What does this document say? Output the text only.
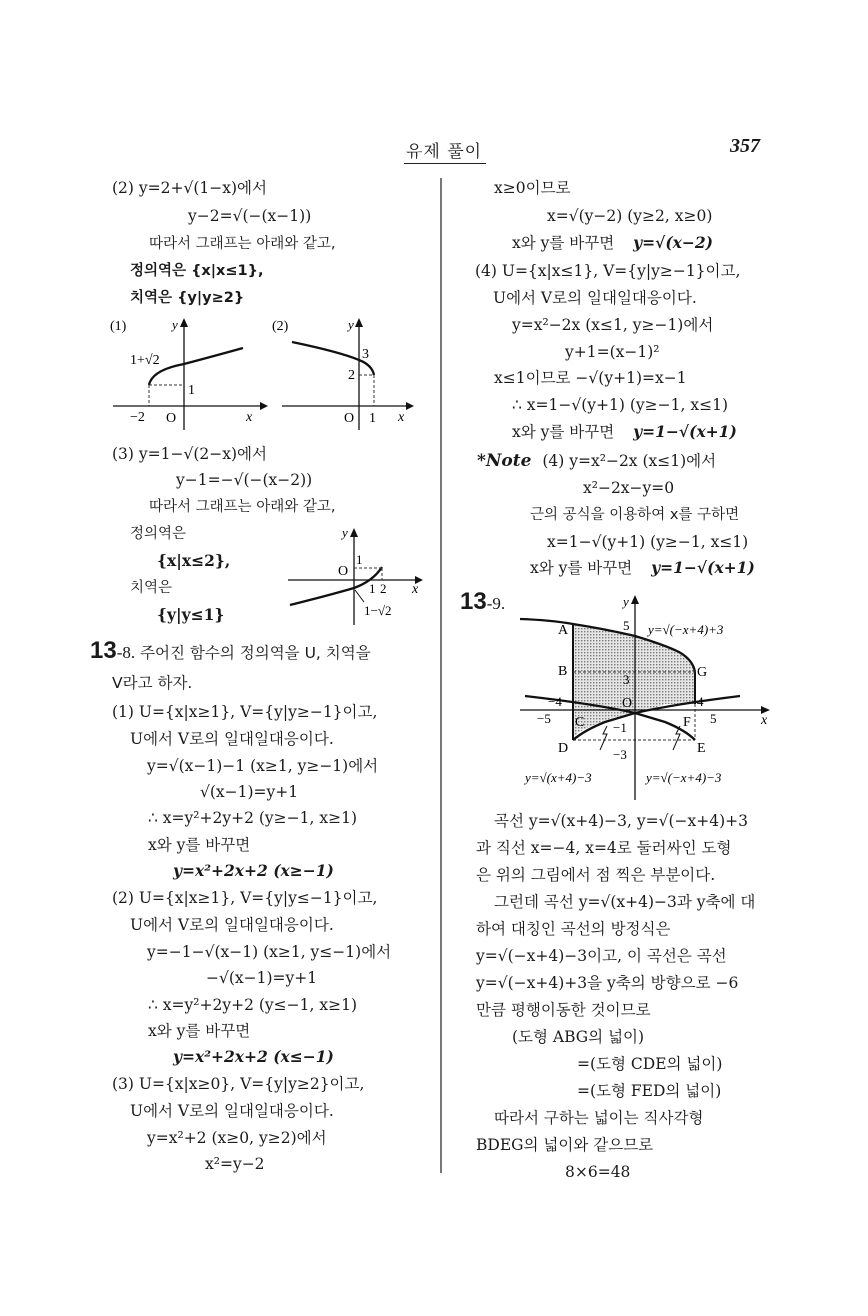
유제 풀이	357
(2) y=2+√(1−x)에서
y−2=√(−(x−1))
따라서 그래프는 아래와 같고,
정의역은 {x|x≤1},
치역은 {y|y≥2}
(1)	y
x
O
−2
1
1+√2
(2)	y
x
O 1
2
3
(3) y=1−√(2−x)에서
y−1=−√(−(x−2))
따라서 그래프는 아래와 같고,
정의역은
{x|x≤2},
치역은
{y|y≤1}
y
x
O
1
1 2
1−√2
13-8. 주어진 함수의 정의역을 U, 치역을
V라고 하자.
(1) U={x|x≥1}, V={y|y≥−1}이고,
U에서 V로의 일대일대응이다.
y=√(x−1)−1 (x≥1, y≥−1)에서
√(x−1)=y+1
∴ x=y²+2y+2 (y≥−1, x≥1)
x와 y를 바꾸면
y=x²+2x+2 (x≥−1)
(2) U={x|x≥1}, V={y|y≤−1}이고,
U에서 V로의 일대일대응이다.
y=−1−√(x−1) (x≥1, y≤−1)에서
−√(x−1)=y+1
∴ x=y²+2y+2 (y≤−1, x≥1)
x와 y를 바꾸면
y=x²+2x+2 (x≤−1)
(3) U={x|x≥0}, V={y|y≥2}이고,
U에서 V로의 일대일대응이다.
y=x²+2 (x≥0, y≥2)에서
x²=y−2
x≥0이므로
x=√(y−2) (y≥2, x≥0)
x와 y를 바꾸면 y=√(x−2)
(4) U={x|x≤1}, V={y|y≥−1}이고,
U에서 V로의 일대일대응이다.
y=x²−2x (x≤1, y≥−1)에서
y+1=(x−1)²
x≤1이므로 −√(y+1)=x−1
∴ x=1−√(y+1) (y≥−1, x≤1)
x와 y를 바꾸면 y=1−√(x+1)
*Note (4) y=x²−2x (x≤1)에서
x²−2x−y=0
근의 공식을 이용하여 x를 구하면
x=1−√(y+1) (y≥−1, x≤1)
x와 y를 바꾸면 y=1−√(x+1)
13-9.	y
x
O
A
B
C
D	E
F
G
5
3
−4	4
−5	5
−1
−3
y=√(−x+4)+3
y=√(x+4)−3	y=√(−x+4)−3
곡선 y=√(x+4)−3, y=√(−x+4)+3
과 직선 x=−4, x=4로 둘러싸인 도형
은 위의 그림에서 점 찍은 부분이다.
그런데 곡선 y=√(x+4)−3과 y축에 대
하여 대칭인 곡선의 방정식은
y=√(−x+4)−3이고, 이 곡선은 곡선
y=√(−x+4)+3을 y축의 방향으로 −6
만큼 평행이동한 것이므로
(도형 ABG의 넓이)
=(도형 CDE의 넓이)
=(도형 FED의 넓이)
따라서 구하는 넓이는 직사각형
BDEG의 넓이와 같으므로
8×6=48
